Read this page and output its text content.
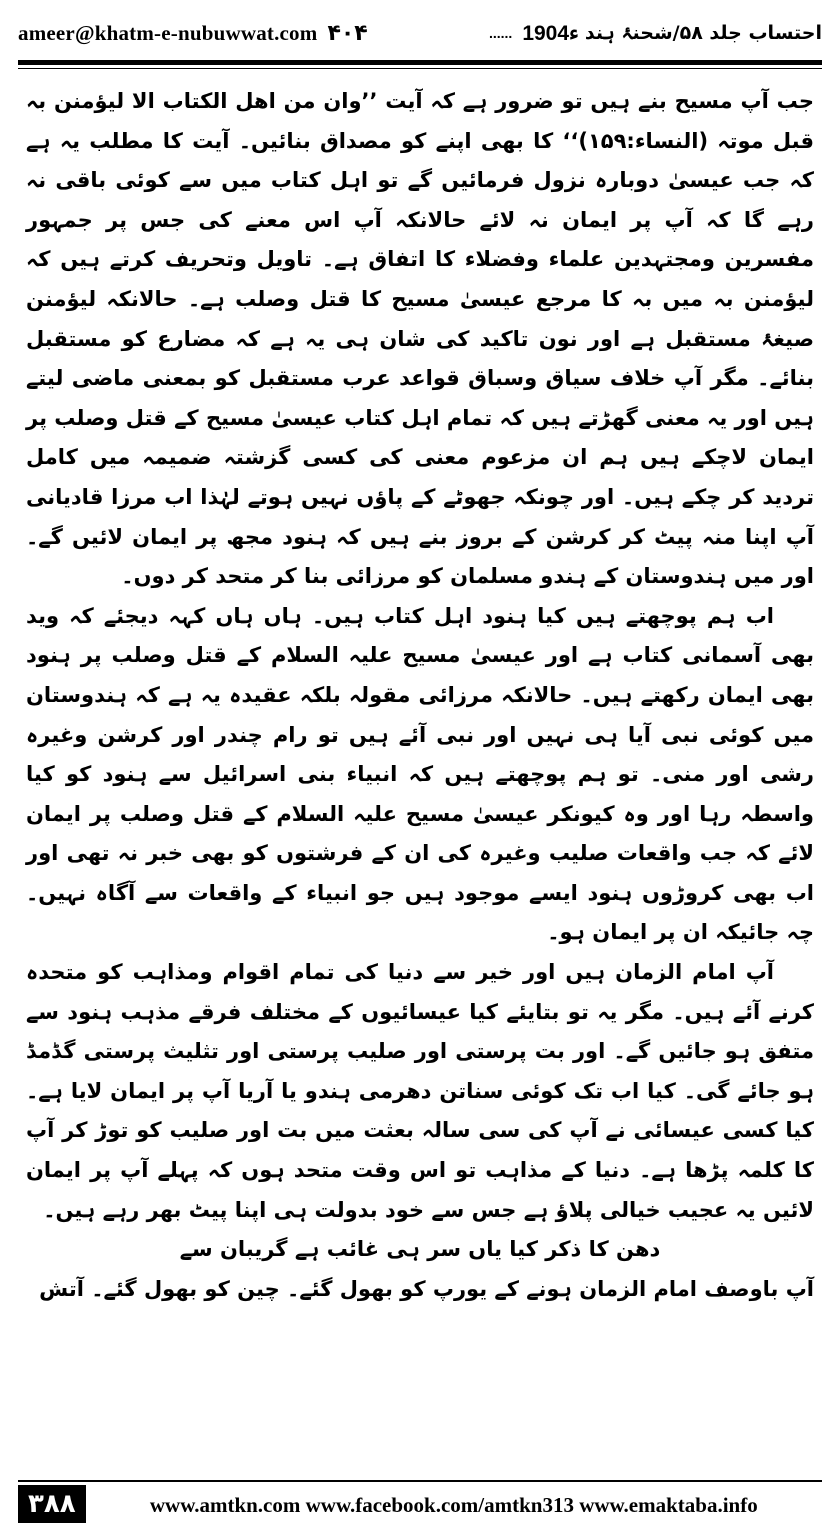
ameer@khatm-e-nubuwwat.com ۴۰۴	احتساب جلد ۵۸/شحنۂ ہند
1904ء
......

جب آپ مسیح بنے ہیں تو ضرور ہے کہ آیت ’’وان من اھل الکتاب الا لیؤمنن بہ قبل موتہ (النساء:۱۵۹)‘‘ کا بھی اپنے کو مصداق بنائیں۔ آیت کا مطلب یہ ہے کہ جب عیسیٰ دوبارہ نزول فرمائیں گے تو اہل کتاب میں سے کوئی باقی نہ رہے گا کہ آپ پر ایمان نہ لائے حالانکہ آپ اس معنے کی جس پر جمہور مفسرین ومجتہدین علماء وفضلاء کا اتفاق ہے۔ تاویل وتحریف کرتے ہیں کہ لیؤمنن بہ میں بہ کا مرجع عیسیٰ مسیح کا قتل وصلب ہے۔ حالانکہ لیؤمنن صیغۂ مستقبل ہے اور نون تاکید کی شان ہی یہ ہے کہ مضارع کو مستقبل بنائے۔ مگر آپ خلاف سیاق وسباق قواعد عرب مستقبل کو بمعنی ماضی لیتے ہیں اور یہ معنی گھڑتے ہیں کہ تمام اہل کتاب عیسیٰ مسیح کے قتل وصلب پر ایمان لاچکے ہیں ہم ان مزعوم معنی کی کسی گزشتہ ضمیمہ میں کامل تردید کر چکے ہیں۔ اور چونکہ جھوٹے کے پاؤں نہیں ہوتے لہٰذا اب مرزا قادیانی آپ اپنا منہ پیٹ کر کرشن کے بروز بنے ہیں کہ ہنود مجھ پر ایمان لائیں گے۔ اور میں ہندوستان کے ہندو مسلمان کو مرزائی بنا کر متحد کر دوں۔

اب ہم پوچھتے ہیں کیا ہنود اہل کتاب ہیں۔ ہاں ہاں کہہ دیجئے کہ وید بھی آسمانی کتاب ہے اور عیسیٰ مسیح علیہ السلام کے قتل وصلب پر ہنود بھی ایمان رکھتے ہیں۔ حالانکہ مرزائی مقولہ بلکہ عقیدہ یہ ہے کہ ہندوستان میں کوئی نبی آیا ہی نہیں اور نبی آئے ہیں تو رام چندر اور کرشن وغیرہ رشی اور منی۔ تو ہم پوچھتے ہیں کہ انبیاء بنی اسرائیل سے ہنود کو کیا واسطہ رہا اور وہ کیونکر عیسیٰ مسیح علیہ السلام کے قتل وصلب پر ایمان لائے کہ جب واقعات صلیب وغیرہ کی ان کے فرشتوں کو بھی خبر نہ تھی اور اب بھی کروڑوں ہنود ایسے موجود ہیں جو انبیاء کے واقعات سے آگاہ نہیں۔ چہ جائیکہ ان پر ایمان ہو۔

آپ امام الزمان ہیں اور خیر سے دنیا کی تمام اقوام ومذاہب کو متحدہ کرنے آئے ہیں۔ مگر یہ تو بتایئے کیا عیسائیوں کے مختلف فرقے مذہب ہنود سے متفق ہو جائیں گے۔ اور بت پرستی اور صلیب پرستی اور تثلیث پرستی گڈمڈ ہو جائے گی۔ کیا اب تک کوئی سناتن دھرمی ہندو یا آریا آپ پر ایمان لایا ہے۔ کیا کسی عیسائی نے آپ کی سی سالہ بعثت میں بت اور صلیب کو توڑ کر آپ کا کلمہ پڑھا ہے۔ دنیا کے مذاہب تو اس وقت متحد ہوں کہ پہلے آپ پر ایمان لائیں یہ عجیب خیالی پلاؤ ہے جس سے خود بدولت ہی اپنا پیٹ بھر رہے ہیں۔

دھن کا ذکر کیا یاں سر ہی غائب ہے گریبان سے

آپ باوصف امام الزمان ہونے کے یورپ کو بھول گئے۔ چین کو بھول گئے۔ آتش

۳۸۸	www.amtkn.com www.facebook.com/amtkn313 www.emaktaba.info
